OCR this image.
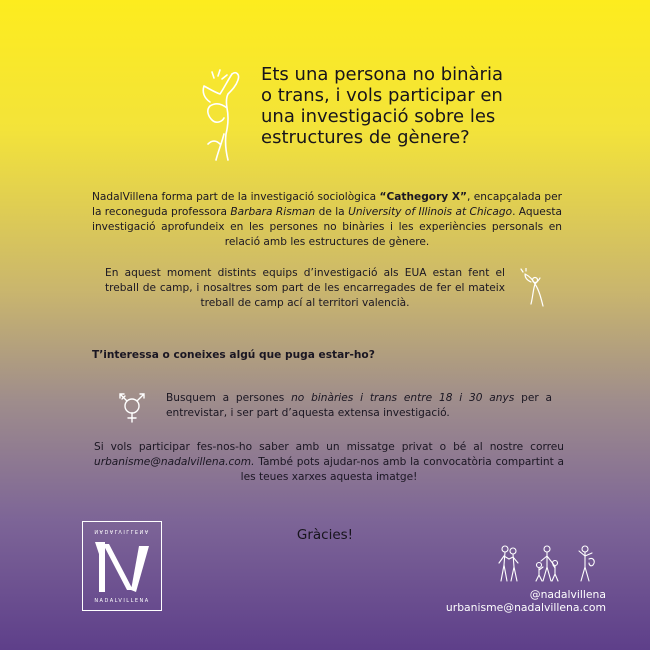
Ets una persona no binària o trans, i vols participar en una investigació sobre les estructures de gènere?
NadalVillena forma part de la investigació sociològica “Cathegory X”, encapçalada per la reconeguda professora Barbara Risman de la University of Illinois at Chicago. Aquesta investigació aprofundeix en les persones no binàries i les experiències personals en relació amb les estructures de gènere.
En aquest moment distints equips d’investigació als EUA estan fent el treball de camp, i nosaltres som part de les encarregades de fer el mateix treball de camp ací al territori valencià.
T’interessa o coneixes algú que puga estar-ho?
Busquem a persones no binàries i trans entre 18 i 30 anys per a entrevistar, i ser part d’aquesta extensa investigació.
Si vols participar fes-nos-ho saber amb un missatge privat o bé al nostre correu urbanisme@nadalvillena.com. També pots ajudar-nos amb la convocatòria compartint a les teues xarxes aquesta imatge!
Gràcies!
NADALVILLENA
NADALVILLENA	@nadalvillena
urbanisme@nadalvillena.com
